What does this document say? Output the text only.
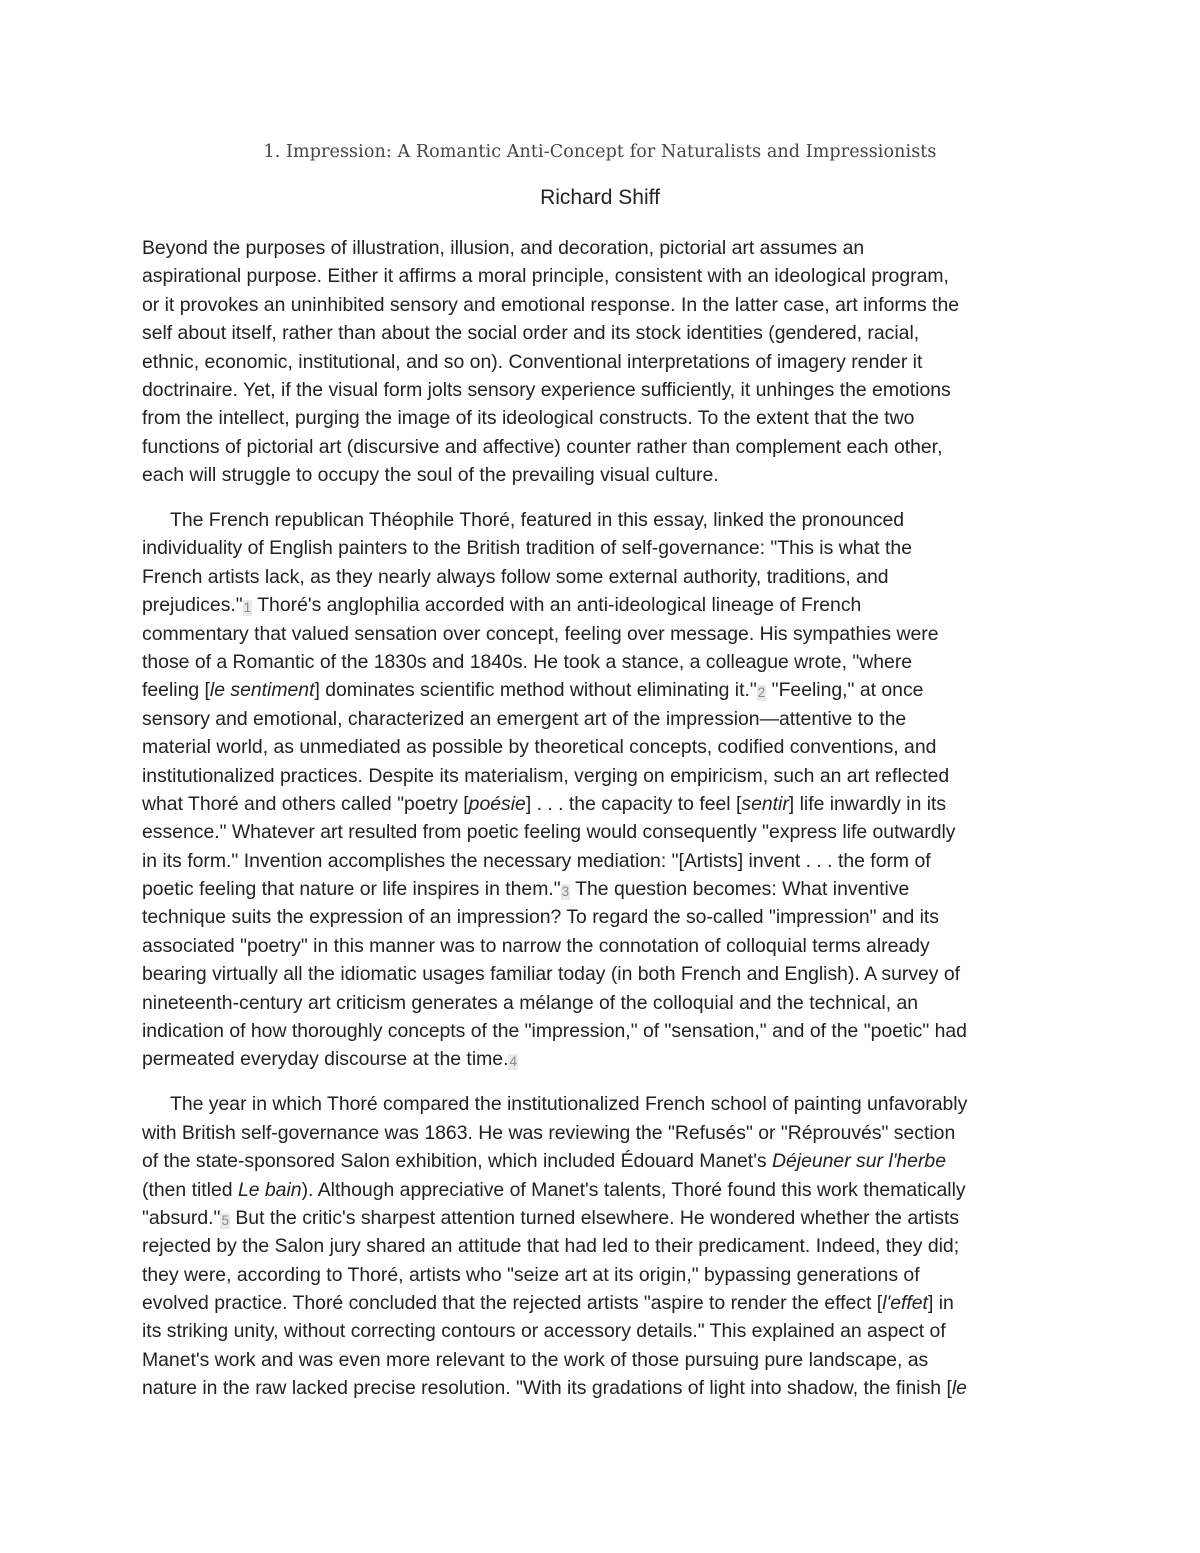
1. Impression: A Romantic Anti-Concept for Naturalists and Impressionists
Richard Shiff
Beyond the purposes of illustration, illusion, and decoration, pictorial art assumes an
aspirational purpose. Either it affirms a moral principle, consistent with an ideological program,
or it provokes an uninhibited sensory and emotional response. In the latter case, art informs the
self about itself, rather than about the social order and its stock identities (gendered, racial,
ethnic, economic, institutional, and so on). Conventional interpretations of imagery render it
doctrinaire. Yet, if the visual form jolts sensory experience sufficiently, it unhinges the emotions
from the intellect, purging the image of its ideological constructs. To the extent that the two
functions of pictorial art (discursive and affective) counter rather than complement each other,
each will struggle to occupy the soul of the prevailing visual culture.
The French republican Théophile Thoré, featured in this essay, linked the pronounced
individuality of English painters to the British tradition of self-governance: "This is what the
French artists lack, as they nearly always follow some external authority, traditions, and
prejudices."1 Thoré's anglophilia accorded with an anti-ideological lineage of French
commentary that valued sensation over concept, feeling over message. His sympathies were
those of a Romantic of the 1830s and 1840s. He took a stance, a colleague wrote, "where
feeling [le sentiment] dominates scientific method without eliminating it."2 "Feeling," at once
sensory and emotional, characterized an emergent art of the impression—attentive to the
material world, as unmediated as possible by theoretical concepts, codified conventions, and
institutionalized practices. Despite its materialism, verging on empiricism, such an art reflected
what Thoré and others called "poetry [poésie] . . . the capacity to feel [sentir] life inwardly in its
essence." Whatever art resulted from poetic feeling would consequently "express life outwardly
in its form." Invention accomplishes the necessary mediation: "[Artists] invent . . . the form of
poetic feeling that nature or life inspires in them."3 The question becomes: What inventive
technique suits the expression of an impression? To regard the so-called "impression" and its
associated "poetry" in this manner was to narrow the connotation of colloquial terms already
bearing virtually all the idiomatic usages familiar today (in both French and English). A survey of
nineteenth-century art criticism generates a mélange of the colloquial and the technical, an
indication of how thoroughly concepts of the "impression," of "sensation," and of the "poetic" had
permeated everyday discourse at the time.4
The year in which Thoré compared the institutionalized French school of painting unfavorably
with British self-governance was 1863. He was reviewing the "Refusés" or "Réprouvés" section
of the state-sponsored Salon exhibition, which included Édouard Manet's Déjeuner sur l'herbe
(then titled Le bain). Although appreciative of Manet's talents, Thoré found this work thematically
"absurd."5 But the critic's sharpest attention turned elsewhere. He wondered whether the artists
rejected by the Salon jury shared an attitude that had led to their predicament. Indeed, they did;
they were, according to Thoré, artists who "seize art at its origin," bypassing generations of
evolved practice. Thoré concluded that the rejected artists "aspire to render the effect [l'effet] in
its striking unity, without correcting contours or accessory details." This explained an aspect of
Manet's work and was even more relevant to the work of those pursuing pure landscape, as
nature in the raw lacked precise resolution. "With its gradations of light into shadow, the finish [le
